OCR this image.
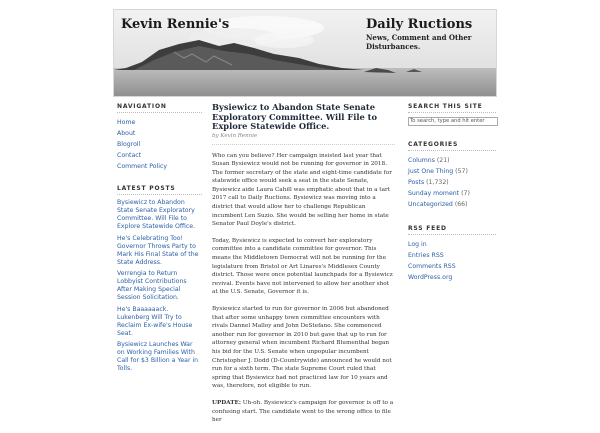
Kevin Rennie's	Daily Ructions
News, Comment and Other Disturbances.
NAVIGATION
Home
About
Blogroll
Contact
Comment Policy
LATEST POSTS
Bysiewicz to Abandon State Senate Exploratory Committee. Will File to Explore Statewide Office.
He's Celebrating Too! Governor Throws Party to Mark His Final State of the State Address.
Verrengia to Return Lobbyist Contributions After Making Special Session Solicitation.
He's Baaaaaack. Lukenberg Will Try to Reclaim Ex-wife's House Seat.
Bysiewicz Launches War on Working Families With Call for $3 Billion a Year in Tolls.
Bysiewicz to Abandon State Senate Exploratory Committee. Will File to Explore Statewide Office.
by Kevin Rennie

Who can you believe? Her campaign insisted last year that Susan Bysiewicz would not be running for governor in 2018. The former secretary of the state and eight-time candidate for statewide office would seek a seat in the state Senate, Bysiewicz aide Laura Cahill was emphatic about that in a tart 2017 call to Daily Ructions. Bysiewicz was moving into a district that would allow her to challenge Republican incumbent Len Suzio. She would be selling her home in state Senator Paul Doyle's district.

Today, Bysiewicz is expected to convert her exploratory committee into a candidate committee for governor. This means the Middletown Democrat will not be running for the legislature from Bristol or Art Linares's Middlesex County district. Those were once potential launchpads for a Bysiewicz revival. Events have not intervened to allow her another shot at the U.S. Senate, Governor it is.

Bysiewicz started to run for governor in 2006 but abandoned that after some unhappy town committee encounters with rivals Dannel Malloy and John DeStefano. She commenced another run for governor in 2010 but gave that up to run for attorney general when incumbent Richard Blumenthal began his bid for the U.S. Senate when unpopular incumbent Christopher J. Dodd (D-Countrywide) announced he would not run for a sixth term. The state Supreme Court ruled that spring that Bysiewicz had not practiced law for 10 years and was, therefore, not eligible to run.

UPDATE: Uh-oh. Bysiewicz's campaign for governor is off to a confusing start. The candidate went to the wrong office to file her

SEARCH THIS SITE
To search, type and hit enter
CATEGORIES
Columns (21)
Just One Thing (57)
Posts (1,732)
Sunday moment (7)
Uncategorized (66)
RSS FEED
Log in
Entries RSS
Comments RSS
WordPress.org
